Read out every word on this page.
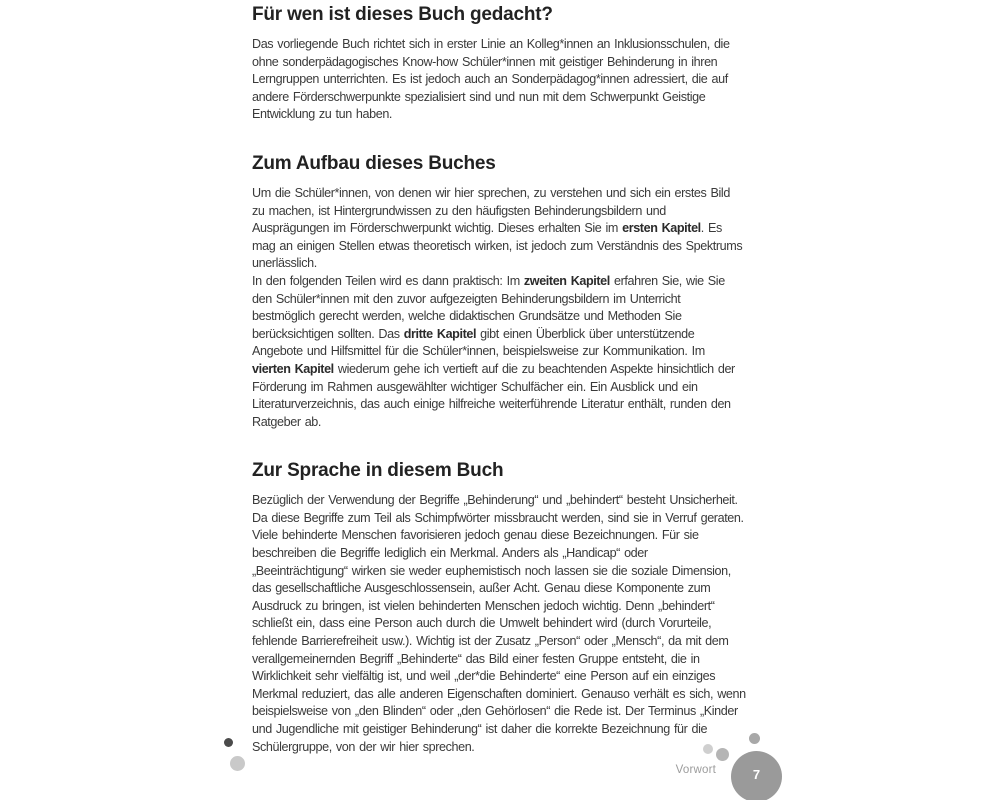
Für wen ist dieses Buch gedacht?

Das vorliegende Buch richtet sich in erster Linie an Kolleg*innen an Inklusionsschulen, die ohne sonderpädagogisches Know-how Schüler*innen mit geistiger Behinderung in ihren Lerngruppen unterrichten. Es ist jedoch auch an Sonderpädagog*innen adressiert, die auf andere Förderschwerpunkte spezialisiert sind und nun mit dem Schwerpunkt Geistige Entwicklung zu tun haben.

Zum Aufbau dieses Buches

Um die Schüler*innen, von denen wir hier sprechen, zu verstehen und sich ein erstes Bild zu machen, ist Hintergrundwissen zu den häufigsten Behinderungsbildern und Ausprägungen im Förderschwerpunkt wichtig. Dieses erhalten Sie im ersten Kapitel. Es mag an einigen Stellen etwas theoretisch wirken, ist jedoch zum Verständnis des Spektrums unerlässlich.

In den folgenden Teilen wird es dann praktisch: Im zweiten Kapitel erfahren Sie, wie Sie den Schüler*innen mit den zuvor aufgezeigten Behinderungsbildern im Unterricht bestmöglich gerecht werden, welche didaktischen Grundsätze und Methoden Sie berücksichtigen sollten. Das dritte Kapitel gibt einen Überblick über unterstützende Angebote und Hilfsmittel für die Schüler*innen, beispielsweise zur Kommunikation. Im vierten Kapitel wiederum gehe ich vertieft auf die zu beachtenden Aspekte hinsichtlich der Förderung im Rahmen ausgewählter wichtiger Schulfächer ein. Ein Ausblick und ein Literaturverzeichnis, das auch einige hilfreiche weiterführende Literatur enthält, runden den Ratgeber ab.

Zur Sprache in diesem Buch

Bezüglich der Verwendung der Begriffe „Behinderung“ und „behindert“ besteht Unsicherheit. Da diese Begriffe zum Teil als Schimpfwörter missbraucht werden, sind sie in Verruf geraten. Viele behinderte Menschen favorisieren jedoch genau diese Bezeichnungen. Für sie beschreiben die Begriffe lediglich ein Merkmal. Anders als „Handicap“ oder „Beeinträchtigung“ wirken sie weder euphemistisch noch lassen sie die soziale Dimension, das gesellschaftliche Ausgeschlossensein, außer Acht. Genau diese Komponente zum Ausdruck zu bringen, ist vielen behinderten Menschen jedoch wichtig. Denn „behindert“ schließt ein, dass eine Person auch durch die Umwelt behindert wird (durch Vorurteile, fehlende Barrierefreiheit usw.). Wichtig ist der Zusatz „Person“ oder „Mensch“, da mit dem verallgemeinernden Begriff „Behinderte“ das Bild einer festen Gruppe entsteht, die in Wirklichkeit sehr vielfältig ist, und weil „der*die Behinderte“ eine Person auf ein einziges Merkmal reduziert, das alle anderen Eigenschaften dominiert. Genauso verhält es sich, wenn beispielsweise von „den Blinden“ oder „den Gehörlosen“ die Rede ist. Der Terminus „Kinder und Jugendliche mit geistiger Behinderung“ ist daher die korrekte Bezeichnung für die Schülergruppe, von der wir hier sprechen.

Vorwort	7
